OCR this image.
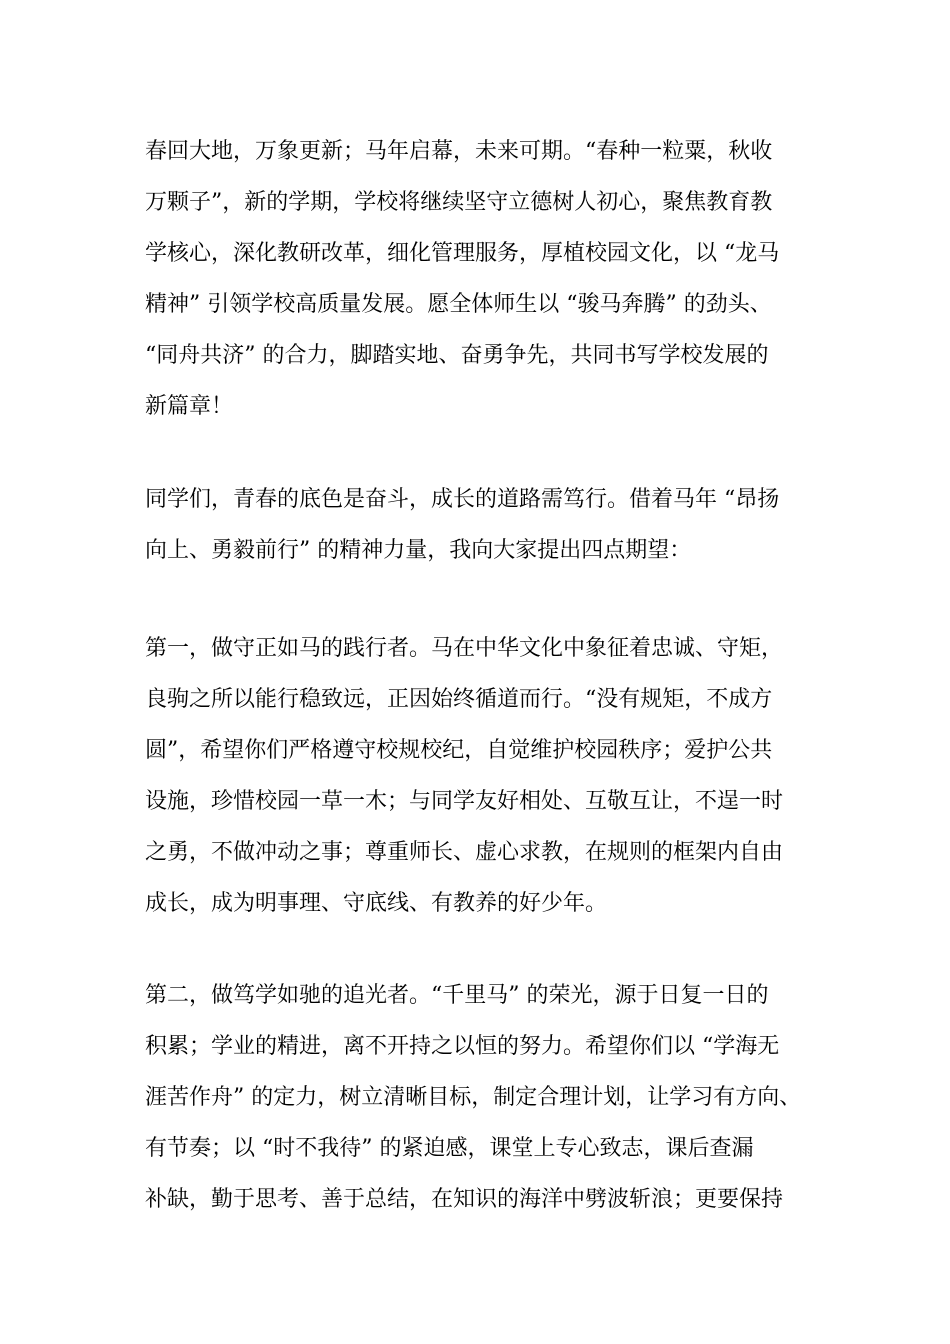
春回大地，万象更新；马年启幕，未来可期。“春种一粒粟，秋收
万颗子”，新的学期，学校将继续坚守立德树人初心，聚焦教育教
学核心，深化教研改革，细化管理服务，厚植校园文化，以 “龙马
精神” 引领学校高质量发展。愿全体师生以 “骏马奔腾” 的劲头、
“同舟共济” 的合力，脚踏实地、奋勇争先，共同书写学校发展的
新篇章！
同学们，青春的底色是奋斗，成长的道路需笃行。借着马年 “昂扬
向上、勇毅前行” 的精神力量，我向大家提出四点期望：
第一，做守正如马的践行者。马在中华文化中象征着忠诚、守矩，
良驹之所以能行稳致远，正因始终循道而行。“没有规矩，不成方
圆”，希望你们严格遵守校规校纪，自觉维护校园秩序；爱护公共
设施，珍惜校园一草一木；与同学友好相处、互敬互让，不逞一时
之勇，不做冲动之事；尊重师长、虚心求教，在规则的框架内自由
成长，成为明事理、守底线、有教养的好少年。
第二，做笃学如驰的追光者。“千里马” 的荣光，源于日复一日的
积累；学业的精进，离不开持之以恒的努力。希望你们以 “学海无
涯苦作舟” 的定力，树立清晰目标，制定合理计划，让学习有方向、
有节奏；以 “时不我待” 的紧迫感，课堂上专心致志，课后查漏
补缺，勤于思考、善于总结，在知识的海洋中劈波斩浪；更要保持
